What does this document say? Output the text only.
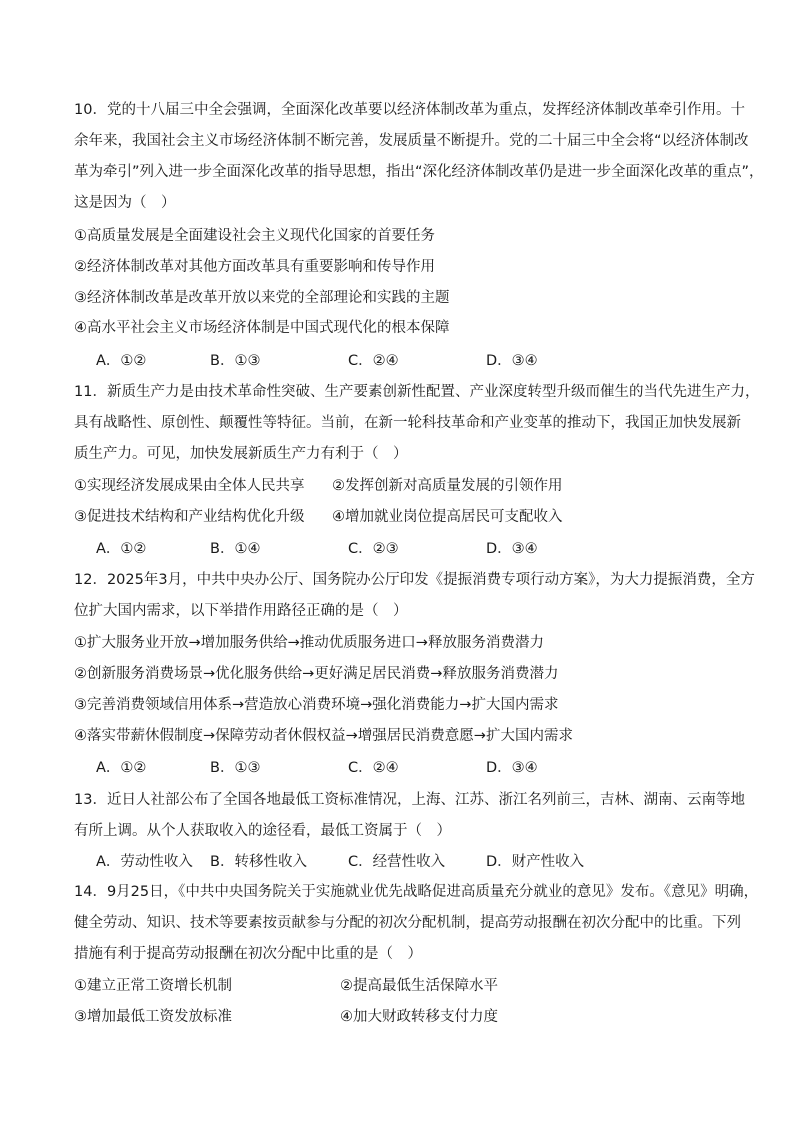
10．党的十八届三中全会强调，全面深化改革要以经济体制改革为重点，发挥经济体制改革牵引作用。十
余年来，我国社会主义市场经济体制不断完善，发展质量不断提升。党的二十届三中全会将“以经济体制改
革为牵引”列入进一步全面深化改革的指导思想，指出“深化经济体制改革仍是进一步全面深化改革的重点”，
这是因为（　）
①高质量发展是全面建设社会主义现代化国家的首要任务
②经济体制改革对其他方面改革具有重要影响和传导作用
③经济体制改革是改革开放以来党的全部理论和实践的主题
④高水平社会主义市场经济体制是中国式现代化的根本保障
A．①②	B．①③	C．②④	D．③④
11．新质生产力是由技术革命性突破、生产要素创新性配置、产业深度转型升级而催生的当代先进生产力，
具有战略性、原创性、颠覆性等特征。当前，在新一轮科技革命和产业变革的推动下，我国正加快发展新
质生产力。可见，加快发展新质生产力有利于（　）
①实现经济发展成果由全体人民共享 ②发挥创新对高质量发展的引领作用
③促进技术结构和产业结构优化升级 ④增加就业岗位提高居民可支配收入
A．①②	B．①④	C．②③	D．③④
12．2025年3月，中共中央办公厅、国务院办公厅印发《提振消费专项行动方案》，为大力提振消费，全方
位扩大国内需求，以下举措作用路径正确的是（　）
①扩大服务业开放→增加服务供给→推动优质服务进口→释放服务消费潜力
②创新服务消费场景→优化服务供给→更好满足居民消费→释放服务消费潜力
③完善消费领域信用体系→营造放心消费环境→强化消费能力→扩大国内需求
④落实带薪休假制度→保障劳动者休假权益→增强居民消费意愿→扩大国内需求
A．①②	B．①③	C．②④	D．③④
13．近日人社部公布了全国各地最低工资标准情况，上海、江苏、浙江名列前三，吉林、湖南、云南等地
有所上调。从个人获取收入的途径看，最低工资属于（　）
A．劳动性收入 B．转移性收入	C．经营性收入	D．财产性收入
14．9月25日，《中共中央国务院关于实施就业优先战略促进高质量充分就业的意见》发布。《意见》明确，
健全劳动、知识、技术等要素按贡献参与分配的初次分配机制，提高劳动报酬在初次分配中的比重。下列
措施有利于提高劳动报酬在初次分配中比重的是（　）
①建立正常工资增长机制	②提高最低生活保障水平
③增加最低工资发放标准	④加大财政转移支付力度
